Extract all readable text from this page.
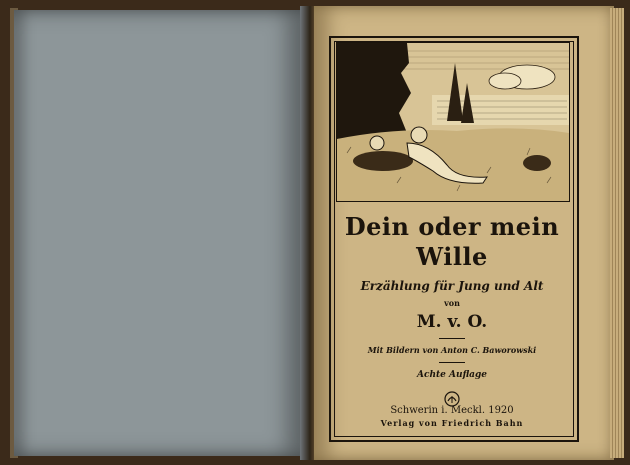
Dein oder mein Wille
Erzählung für Jung und Alt
von
M. v. O.
Mit Bildern von Anton C. Baworowski
Achte Auflage
Schwerin i. Meckl. 1920
Verlag von Friedrich Bahn
